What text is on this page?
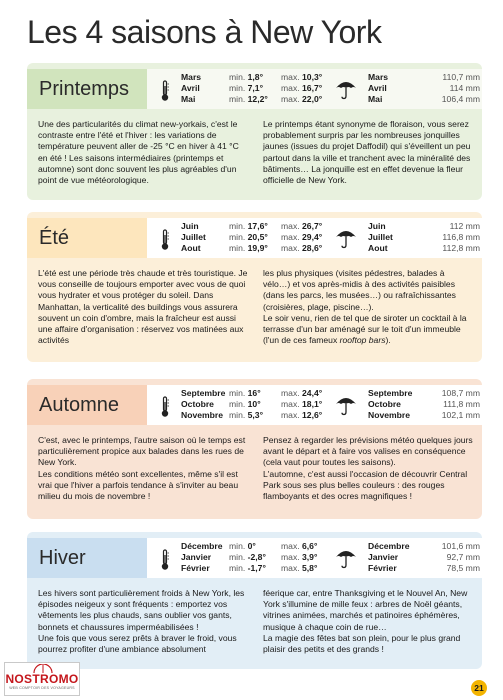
Les 4 saisons à New York
Printemps
Mars	min. 1,8° max. 10,3°
Avril	min. 7,1° max. 16,7°
Mai	min. 12,2° max. 22,0°
Mars	110,7 mm
Avril	114 mm
Mai	106,4 mm

Une des particularités du climat new-yorkais, c'est le contraste entre l'été et l'hiver : les variations de température peuvent aller de -25 °C en hiver à 41 °C en été ! Les saisons intermédiaires (printemps et automne) sont donc souvent les plus agréables d'un point de vue météorologique.

Le printemps étant synonyme de floraison, vous serez probablement surpris par les nombreuses jonquilles jaunes (issues du projet Daffodil) qui s'éveillent un peu partout dans la ville et tranchent avec la minéralité des bâtiments… La jonquille est en effet devenue la fleur officielle de New York.

Été
Juin	min. 17,6° max. 26,7°
Juillet	min. 20,5° max. 29,4°
Aout	min. 19,9° max. 28,6°
Juin	112 mm
Juillet	116,8 mm
Aout	112,8 mm

L'été est une période très chaude et très touristique. Je vous conseille de toujours emporter avec vous de quoi vous hydrater et vous protéger du soleil. Dans Manhattan, la verticalité des buildings vous assurera souvent un coin d'ombre, mais la fraîcheur est aussi une affaire d'organisation : réservez vos matinées aux activités

les plus physiques (visites pédestres, balades à vélo…) et vos après-midis à des activités paisibles (dans les parcs, les musées…) ou rafraîchissantes (croisières, plage, piscine…).

Le soir venu, rien de tel que de siroter un cocktail à la terrasse d'un bar aménagé sur le toit d'un immeuble (l'un de ces fameux rooftop bars).

Automne
Septembre min. 16° max. 24,4°
Octobre min. 10° max. 18,1°
Novembre min. 5,3° max. 12,6°
Septembre	108,7 mm
Octobre	111,8 mm
Novembre	102,1 mm

C'est, avec le printemps, l'autre saison où le temps est particulièrement propice aux balades dans les rues de New York.

Les conditions météo sont excellentes, même s'il est vrai que l'hiver a parfois tendance à s'inviter au beau milieu du mois de novembre !

Pensez à regarder les prévisions météo quelques jours avant le départ et à faire vos valises en conséquence (cela vaut pour toutes les saisons).

L'automne, c'est aussi l'occasion de découvrir Central Park sous ses plus belles couleurs : des rouges flamboyants et des ocres magnifiques !

Hiver
Décembre min. 0°	max. 6,6°
Janvier min. -2,8° max. 3,9°
Février min. -1,7° max. 5,8°
Décembre	101,6 mm
Janvier	92,7 mm
Février	78,5 mm

Les hivers sont particulièrement froids à New York, les épisodes neigeux y sont fréquents : emportez vos vêtements les plus chauds, sans oublier vos gants, bonnets et chaussures imperméabilisées !

Une fois que vous serez prêts à braver le froid, vous pourrez profiter d'une ambiance absolument

féerique car, entre Thanksgiving et le Nouvel An, New York s'illumine de mille feux : arbres de Noël géants, vitrines animées, marchés et patinoires éphémères, musique à chaque coin de rue…

La magie des fêtes bat son plein, pour le plus grand plaisir des petits et des grands !

NOSTROMO
WEB COMPTOIR DES VOYAGEURS	21
